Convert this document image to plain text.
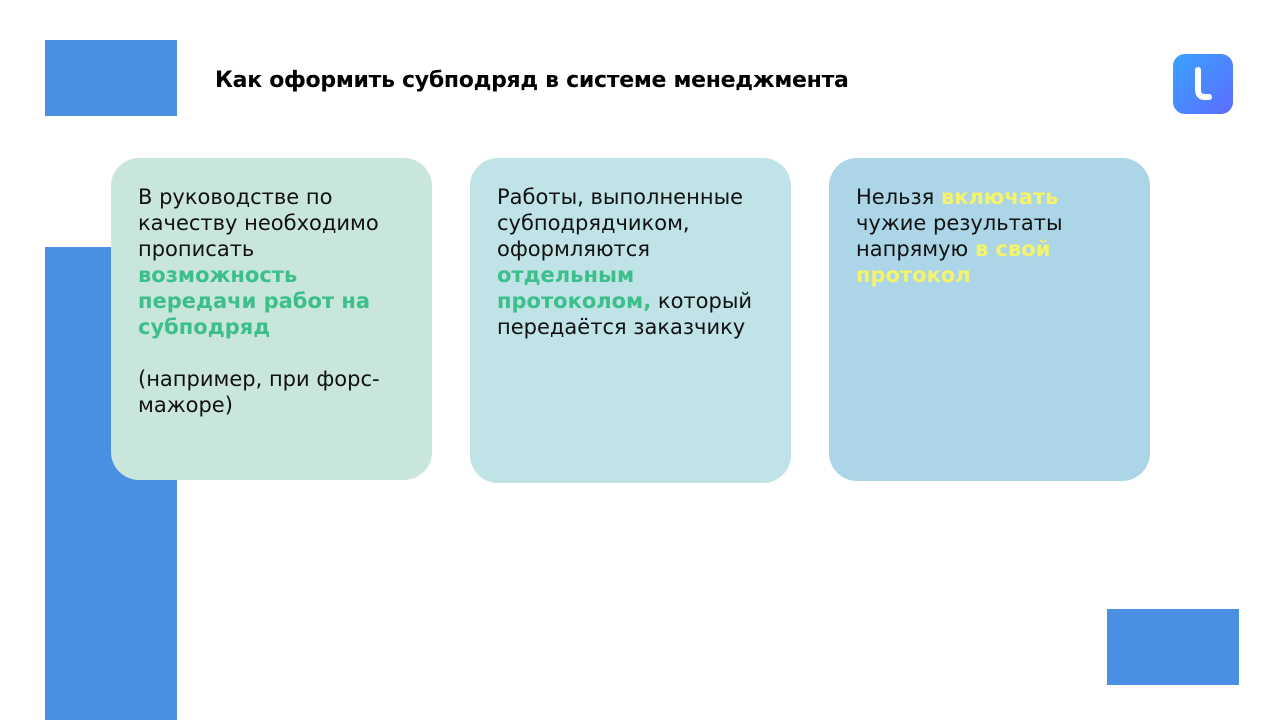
Как оформить субподряд в системе менеджмента
В руководстве по качеству необходимо прописать возможность передачи работ на субподряд
(например, при форс-мажоре)
Работы, выполненные субподрядчиком, оформляются отдельным протоколом, который передаётся заказчику
Нельзя включать чужие результаты напрямую в свой протокол
